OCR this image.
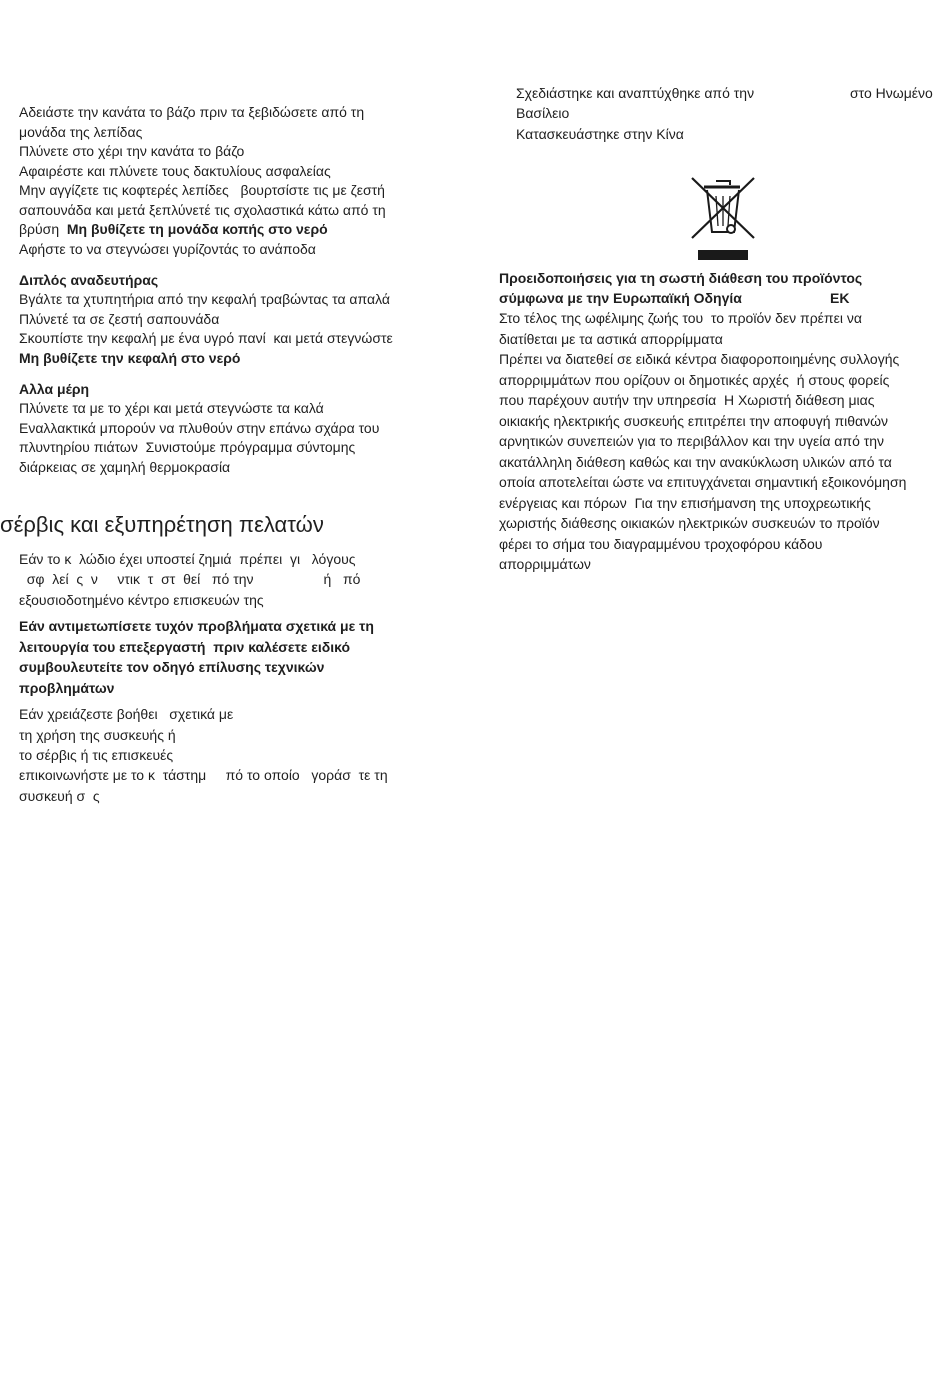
Αδειάστε την κανάτα το βάζο πριν τα ξεβιδώσετε από τη

μονάδα της λεπίδας

Πλύνετε στο χέρι την κανάτα το βάζο

Αφαιρέστε και πλύνετε τους δακτυλίους ασφαλείας

Μην αγγίζετε τις κοφτερές λεπίδες   βουρτσίστε τις με ζεστή

σαπουνάδα και μετά ξεπλύνετέ τις σχολαστικά κάτω από τη

βρύση  Μη βυθίζετε τη μονάδα κοπής στο νερό

Αφήστε το να στεγνώσει γυρίζοντάς το ανάποδα

Διπλός αναδευτήρας

Βγάλτε τα χτυπητήρια από την κεφαλή τραβώντας τα απαλά

Πλύνετέ τα σε ζεστή σαπουνάδα

Σκουπίστε την κεφαλή με ένα υγρό πανί  και μετά στεγνώστε

Μη βυθίζετε την κεφαλή στο νερό

Αλλα μέρη

Πλύνετε τα με το χέρι και μετά στεγνώστε τα καλά

Εναλλακτικά μπορούν να πλυθούν στην επάνω σχάρα του

πλυντηρίου πιάτων  Συνιστούμε πρόγραμμα σύντομης

διάρκειας σε χαμηλή θερμοκρασία

σέρβις και εξυπηρέτηση πελατών

Εάν το κ  λώδιο έχει υποστεί ζημιά  πρέπει  γι   λόγους

σφ  λεί  ς  ν     ντικ  τ  στ  θεί   πό την                  ή   πό

εξουσιοδοτημένο κέντρο επισκευών της

Εάν αντιμετωπίσετε τυχόν προβλήματα σχετικά με τη

λειτουργία του επεξεργαστή  πριν καλέσετε ειδικό

συμβουλευτείτε τον οδηγό επίλυσης τεχνικών

προβλημάτων

Εάν χρειάζεστε βοήθει   σχετικά με

τη χρήση της συσκευής ή

το σέρβις ή τις επισκευές

επικοινωνήστε με το κ  τάστημ     πό το οποίο   γοράσ  τε τη

συσκευή σ  ς

Σχεδιάστηκε και αναπτύχθηκε από την	στο Ηνωμένο

Βασίλειο

Κατασκευάστηκε στην Κίνα

Προειδοποιήσεις για τη σωστή διάθεση του προϊόντος

σύμφωνα με την Ευρωπαϊκή Οδηγία	ΕΚ

Στο τέλος της ωφέλιμης ζωής του  το προϊόν δεν πρέπει να

διατίθεται με τα αστικά απορρίμματα

Πρέπει να διατεθεί σε ειδικά κέντρα διαφοροποιημένης συλλογής

απορριμμάτων που ορίζουν οι δημοτικές αρχές  ή στους φορείς

που παρέχουν αυτήν την υπηρεσία  Η Χωριστή διάθεση μιας

οικιακής ηλεκτρικής συσκευής επιτρέπει την αποφυγή πιθανών

αρνητικών συνεπειών για το περιβάλλον και την υγεία από την

ακατάλληλη διάθεση καθώς και την ανακύκλωση υλικών από τα

οποία αποτελείται ώστε να επιτυγχάνεται σημαντική εξοικονόμηση

ενέργειας και πόρων  Για την επισήμανση της υποχρεωτικής

χωριστής διάθεσης οικιακών ηλεκτρικών συσκευών το προϊόν

φέρει το σήμα του διαγραμμένου τροχοφόρου κάδου

απορριμμάτων
